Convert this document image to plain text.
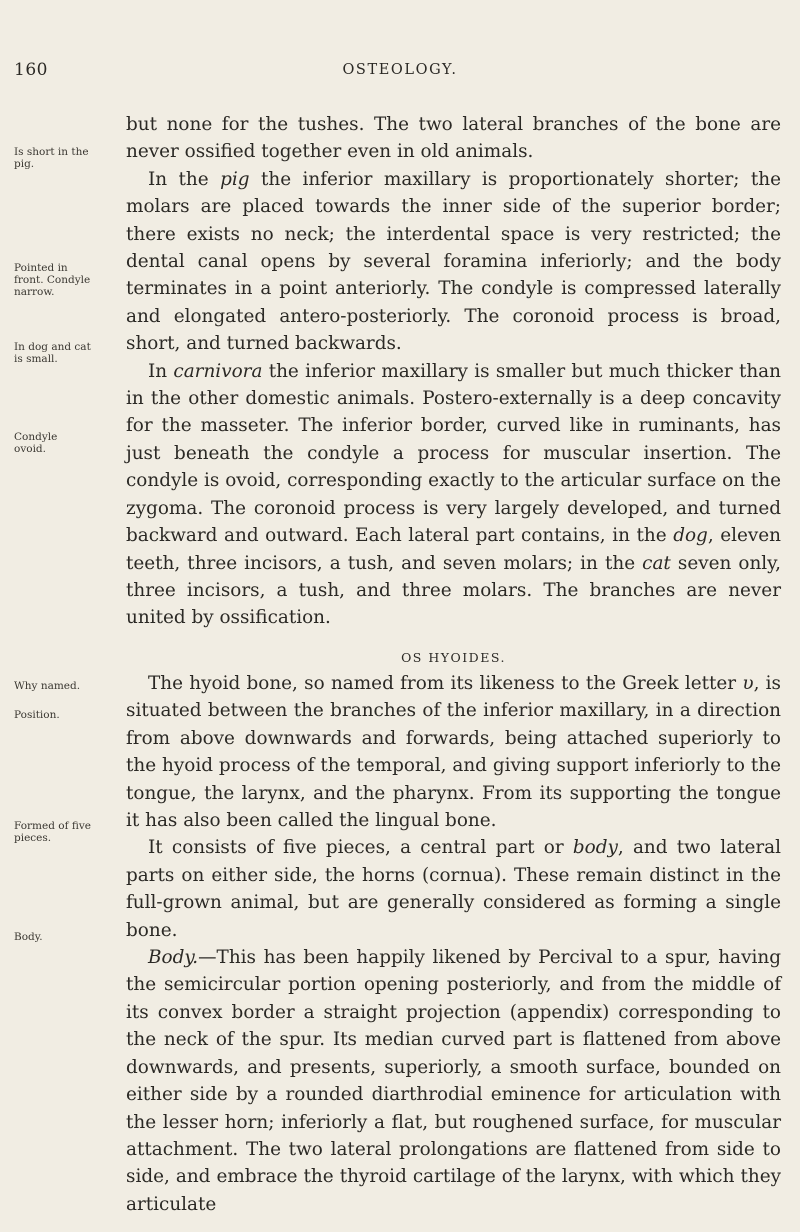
160	OSTEOLOGY.
Is short in the pig.
Pointed in front. Condyle narrow.
In dog and cat is small.
Condyle ovoid.
Why named.
Position.
Formed of five pieces.
Body.

but none for the tushes. The two lateral branches of the bone are never ossified together even in old animals.

In the pig the inferior maxillary is proportionately shorter; the molars are placed towards the inner side of the superior border; there exists no neck; the interdental space is very restricted; the dental canal opens by several foramina inferiorly; and the body terminates in a point anteriorly. The condyle is compressed laterally and elongated antero-posteriorly. The coronoid process is broad, short, and turned backwards.

In carnivora the inferior maxillary is smaller but much thicker than in the other domestic animals. Postero-externally is a deep concavity for the masseter. The inferior border, curved like in ruminants, has just beneath the condyle a process for muscular insertion. The condyle is ovoid, corresponding exactly to the articular surface on the zygoma. The coronoid process is very largely developed, and turned backward and outward. Each lateral part contains, in the dog, eleven teeth, three incisors, a tush, and seven molars; in the cat seven only, three incisors, a tush, and three molars. The branches are never united by ossification.

OS HYOIDES.

The hyoid bone, so named from its likeness to the Greek letter υ, is situated between the branches of the inferior maxillary, in a direction from above downwards and forwards, being attached superiorly to the hyoid process of the temporal, and giving support inferiorly to the tongue, the larynx, and the pharynx. From its supporting the tongue it has also been called the lingual bone.

It consists of five pieces, a central part or body, and two lateral parts on either side, the horns (cornua). These remain distinct in the full-grown animal, but are generally considered as forming a single bone.

Body.—This has been happily likened by Percival to a spur, having the semicircular portion opening posteriorly, and from the middle of its convex border a straight projection (appendix) corresponding to the neck of the spur. Its median curved part is flattened from above downwards, and presents, superiorly, a smooth surface, bounded on either side by a rounded diarthrodial eminence for articulation with the lesser horn; inferiorly a flat, but roughened surface, for muscular attachment. The two lateral prolongations are flattened from side to side, and embrace the thyroid cartilage of the larynx, with which they articulate
